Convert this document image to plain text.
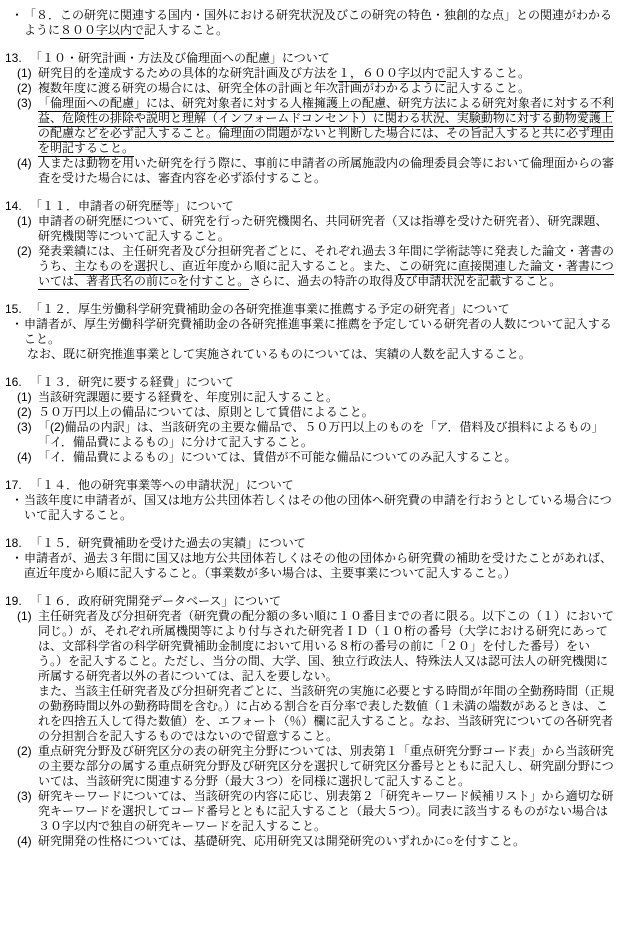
・ 「８．この研究に関連する国内・国外における研究状況及びこの研究の特色・独創的な点」との関連がわかるように８００字以内で記入すること。
13. 「１０・研究計画・方法及び倫理面への配慮」について
(1) 研究目的を達成するための具体的な研究計画及び方法を１，６００字以内で記入すること。
(2) 複数年度に渡る研究の場合には、研究全体の計画と年次計画がわかるように記入すること。
(3) 「倫理面への配慮」には、研究対象者に対する人権擁護上の配慮、研究方法による研究対象者に対する不利益、危険性の排除や説明と理解（インフォームドコンセント）に関わる状況、実験動物に対する動物愛護上の配慮などを必ず記入すること。倫理面の問題がないと判断した場合には、その旨記入すると共に必ず理由を明記すること。
(4) 人または動物を用いた研究を行う際に、事前に申請者の所属施設内の倫理委員会等において倫理面からの審査を受けた場合には、審査内容を必ず添付すること。
14. 「１１．申請者の研究歴等」について
(1) 申請者の研究歴について、研究を行った研究機関名、共同研究者（又は指導を受けた研究者）、研究課題、研究機関等について記入すること。
(2) 発表業績には、主任研究者及び分担研究者ごとに、それぞれ過去３年間に学術誌等に発表した論文・著書のうち、主なものを選択し、直近年度から順に記入すること。また、この研究に直接関連した論文・著書については、著者氏名の前に○を付すこと。さらに、過去の特許の取得及び申請状況を記載すること。
15. 「１２．厚生労働科学研究費補助金の各研究推進事業に推薦する予定の研究者」について
・ 申請者が、厚生労働科学研究費補助金の各研究推進事業に推薦を予定している研究者の人数について記入すること。
なお、既に研究推進事業として実施されているものについては、実績の人数を記入すること。
16. 「１３．研究に要する経費」について
(1) 当該研究課題に要する経費を、年度別に記入すること。
(2) ５０万円以上の備品については、原則として賃借によること。
(3) 「(2)備品の内訳」は、当該研究の主要な備品で、５０万円以上のものを「ア．借料及び損料によるもの」「イ．備品費によるもの」に分けて記入すること。
(4) 「イ．備品費によるもの」については、賃借が不可能な備品についてのみ記入すること。
17. 「１４．他の研究事業等への申請状況」について
・ 当該年度に申請者が、国又は地方公共団体若しくはその他の団体へ研究費の申請を行おうとしている場合について記入すること。
18. 「１５．研究費補助を受けた過去の実績」について
・ 申請者が、過去３年間に国又は地方公共団体若しくはその他の団体から研究費の補助を受けたことがあれば、直近年度から順に記入すること。（事業数が多い場合は、主要事業について記入すること。）
19. 「１６．政府研究開発データベース」について
(1) 主任研究者及び分担研究者（研究費の配分額の多い順に１０番目までの者に限る。以下この（１）において同じ。）が、それぞれ所属機関等により付与された研究者ＩＤ（１０桁の番号（大学における研究にあっては、文部科学省の科学研究費補助金制度において用いる８桁の番号の前に「２０」を付した番号）をいう。）を記入すること。ただし、当分の間、大学、国、独立行政法人、特殊法人又は認可法人の研究機関に所属する研究者以外の者については、記入を要しない。
また、当該主任研究者及び分担研究者ごとに、当該研究の実施に必要とする時間が年間の全勤務時間（正規の勤務時間以外の勤務時間を含む。）に占める割合を百分率で表した数値（１未満の端数があるときは、これを四捨五入して得た数値）を、エフォート（％）欄に記入すること。なお、当該研究についての各研究者の分担割合を記入するものではないので留意すること。
(2) 重点研究分野及び研究区分の表の研究主分野については、別表第１「重点研究分野コード表」から当該研究の主要な部分の属する重点研究分野及び研究区分を選択して研究区分番号とともに記入し、研究副分野については、当該研究に関連する分野（最大３つ）を同様に選択して記入すること。
(3) 研究キーワードについては、当該研究の内容に応じ、別表第２「研究キーワード候補リスト」から適切な研究キーワードを選択してコード番号とともに記入すること（最大５つ）。同表に該当するものがない場合は３０字以内で独自の研究キーワードを記入すること。
(4) 研究開発の性格については、基礎研究、応用研究又は開発研究のいずれかに○を付すこと。
